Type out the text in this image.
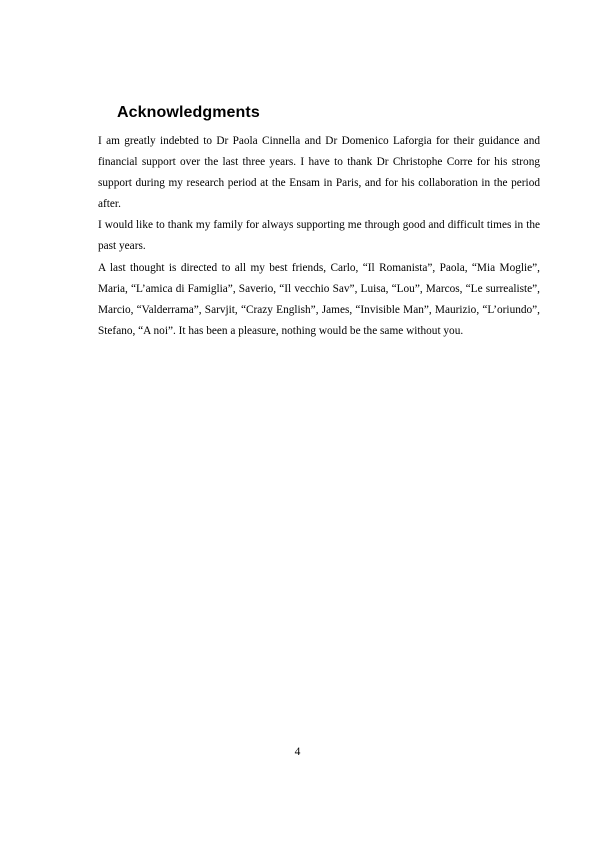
Acknowledgments

I am greatly indebted to Dr Paola Cinnella and Dr Domenico Laforgia for their guidance and financial support over the last three years. I have to thank Dr Christophe Corre for his strong support during my research period at the Ensam in Paris, and for his collaboration in the period after.

I would like to thank my family for always supporting me through good and difficult times in the past years.

A last thought is directed to all my best friends, Carlo, “Il Romanista”, Paola, “Mia Moglie”, Maria, “L’amica di Famiglia”, Saverio, “Il vecchio Sav”, Luisa, “Lou”, Marcos, “Le surrealiste”, Marcio, “Valderrama”, Sarvjit, “Crazy English”, James, “Invisible Man”, Maurizio, “L’oriundo”, Stefano, “A noi”. It has been a pleasure, nothing would be the same without you.

4
